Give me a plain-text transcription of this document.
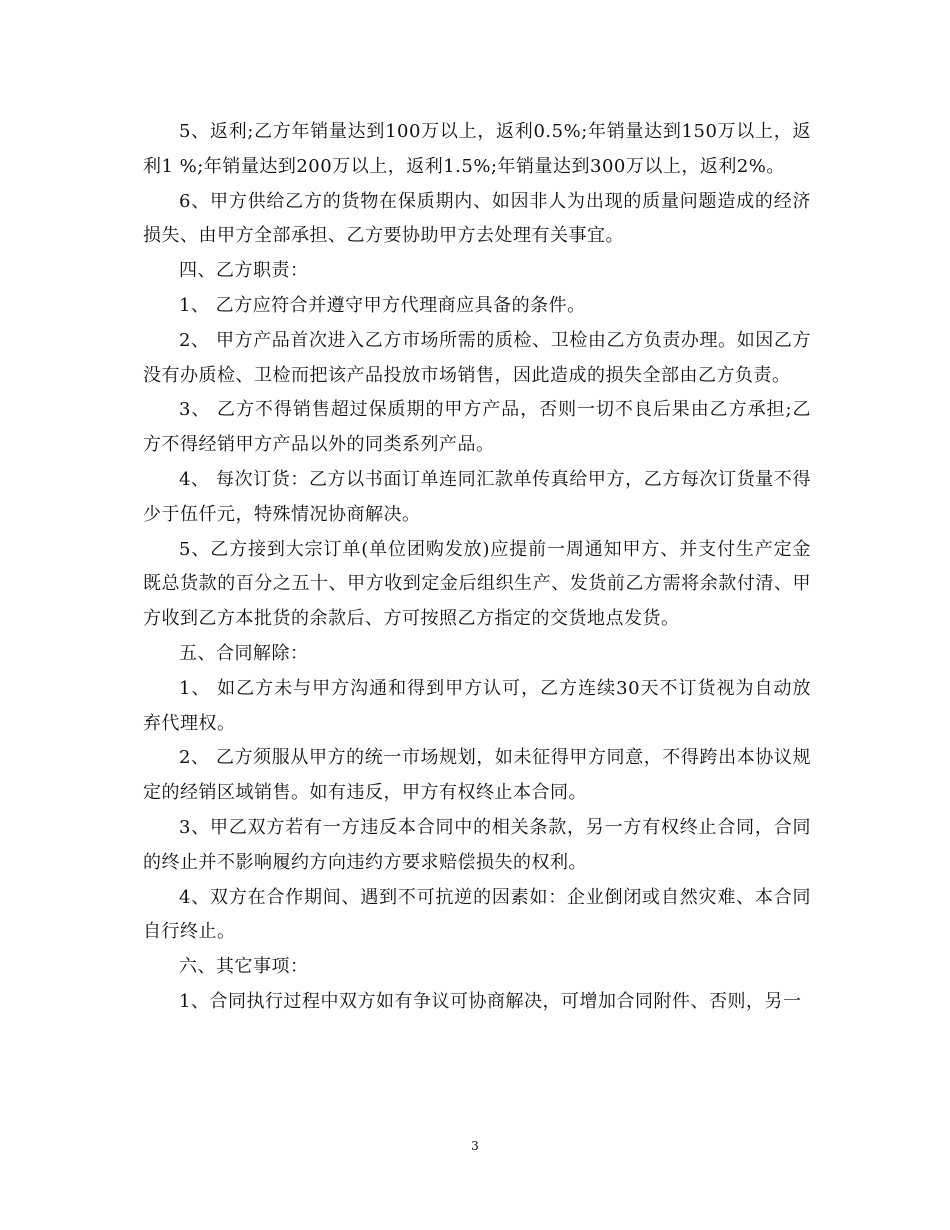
5、返利;乙方年销量达到100万以上，返利0.5%;年销量达到150万以上，返利1 %;年销量达到200万以上，返利1.5%;年销量达到300万以上，返利2%。

6、甲方供给乙方的货物在保质期内、如因非人为出现的质量问题造成的经济损失、由甲方全部承担、乙方要协助甲方去处理有关事宜。

四、乙方职责：

1、 乙方应符合并遵守甲方代理商应具备的条件。

2、 甲方产品首次进入乙方市场所需的质检、卫检由乙方负责办理。如因乙方没有办质检、卫检而把该产品投放市场销售，因此造成的损失全部由乙方负责。

3、 乙方不得销售超过保质期的甲方产品，否则一切不良后果由乙方承担;乙方不得经销甲方产品以外的同类系列产品。

4、 每次订货：乙方以书面订单连同汇款单传真给甲方，乙方每次订货量不得少于伍仟元，特殊情况协商解决。

5、乙方接到大宗订单(单位团购发放)应提前一周通知甲方、并支付生产定金既总货款的百分之五十、甲方收到定金后组织生产、发货前乙方需将余款付清、甲方收到乙方本批货的余款后、方可按照乙方指定的交货地点发货。

五、合同解除：

1、 如乙方未与甲方沟通和得到甲方认可，乙方连续30天不订货视为自动放弃代理权。

2、 乙方须服从甲方的统一市场规划，如未征得甲方同意，不得跨出本协议规定的经销区域销售。如有违反，甲方有权终止本合同。

3、甲乙双方若有一方违反本合同中的相关条款，另一方有权终止合同，合同的终止并不影响履约方向违约方要求赔偿损失的权利。

4、双方在合作期间、遇到不可抗逆的因素如：企业倒闭或自然灾难、本合同自行终止。

六、其它事项：

1、合同执行过程中双方如有争议可协商解决，可增加合同附件、否则，另一

3
